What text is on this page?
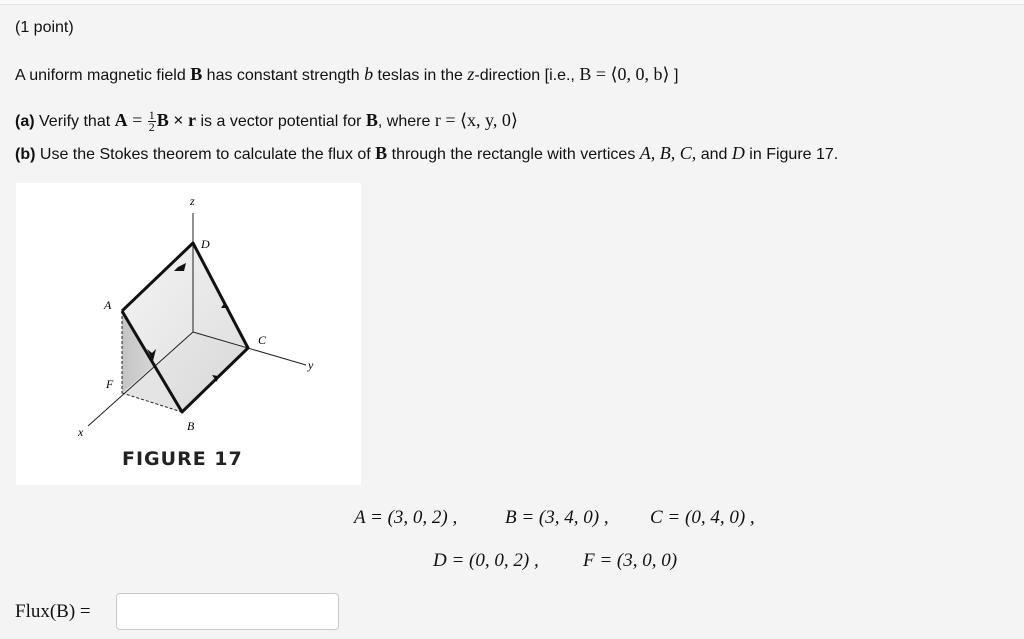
(1 point)
A uniform magnetic field B has constant strength b teslas in the z-direction [i.e., B = ⟨0, 0, b⟩ ]
(a) Verify that $A = \frac{1}{2}$ B × r is a vector potential for B, where r = ⟨x, y, 0⟩
(b) Use the Stokes theorem to calculate the flux of B through the rectangle with vertices A, B, C, and D in Figure 17.
z
y
x
D
A
C
F
B
FIGURE 17
A = (3, 0, 2) ,	B = (3, 4, 0) , C = (0, 4, 0) ,
D = (0, 0, 2) , F = (3, 0, 0)
Flux(B) =
